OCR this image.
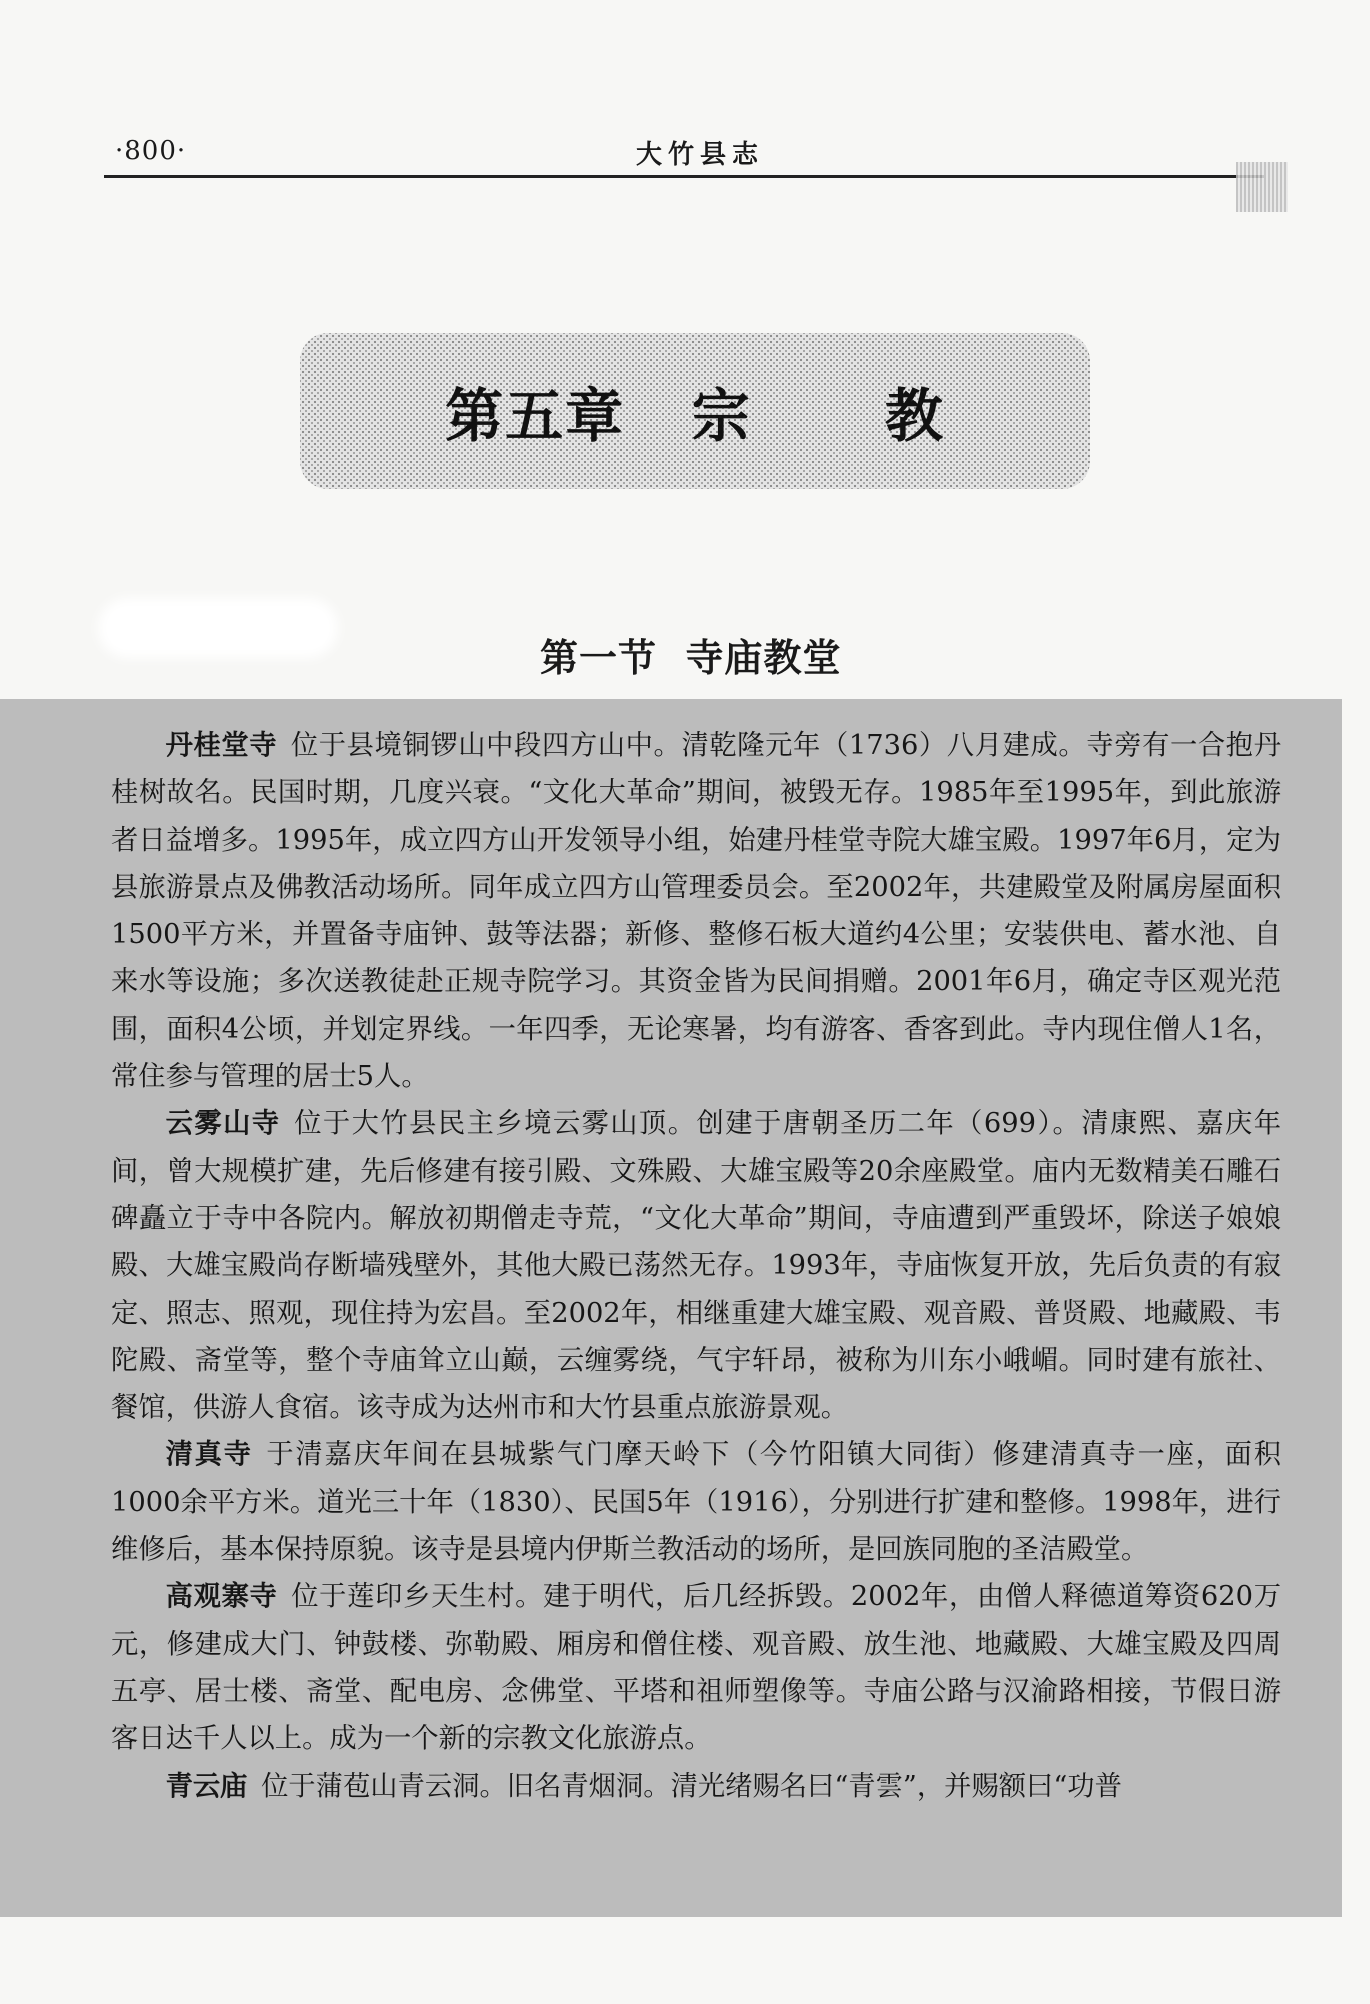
·800·	大竹县志
第五章   宗      教
第一节  寺庙教堂

丹桂堂寺 位于县境铜锣山中段四方山中。清乾隆元年（1736）八月建成。寺旁有一合抱丹桂树故名。民国时期，几度兴衰。“文化大革命”期间，被毁无存。1985年至1995年，到此旅游者日益增多。1995年，成立四方山开发领导小组，始建丹桂堂寺院大雄宝殿。1997年6月，定为县旅游景点及佛教活动场所。同年成立四方山管理委员会。至2002年，共建殿堂及附属房屋面积1500平方米，并置备寺庙钟、鼓等法器；新修、整修石板大道约4公里；安装供电、蓄水池、自来水等设施；多次送教徒赴正规寺院学习。其资金皆为民间捐赠。2001年6月，确定寺区观光范围，面积4公顷，并划定界线。一年四季，无论寒暑，均有游客、香客到此。寺内现住僧人1名，常住参与管理的居士5人。

云雾山寺 位于大竹县民主乡境云雾山顶。创建于唐朝圣历二年（699）。清康熙、嘉庆年间，曾大规模扩建，先后修建有接引殿、文殊殿、大雄宝殿等20余座殿堂。庙内无数精美石雕石碑矗立于寺中各院内。解放初期僧走寺荒，“文化大革命”期间，寺庙遭到严重毁坏，除送子娘娘殿、大雄宝殿尚存断墙残壁外，其他大殿已荡然无存。1993年，寺庙恢复开放，先后负责的有寂定、照志、照观，现住持为宏昌。至2002年，相继重建大雄宝殿、观音殿、普贤殿、地藏殿、韦陀殿、斋堂等，整个寺庙耸立山巅，云缠雾绕，气宇轩昂，被称为川东小峨嵋。同时建有旅社、餐馆，供游人食宿。该寺成为达州市和大竹县重点旅游景观。

清真寺 于清嘉庆年间在县城紫气门摩天岭下（今竹阳镇大同街）修建清真寺一座，面积1000余平方米。道光三十年（1830）、民国5年（1916），分别进行扩建和整修。1998年，进行维修后，基本保持原貌。该寺是县境内伊斯兰教活动的场所，是回族同胞的圣洁殿堂。

高观寨寺 位于莲印乡天生村。建于明代，后几经拆毁。2002年，由僧人释德道筹资620万元，修建成大门、钟鼓楼、弥勒殿、厢房和僧住楼、观音殿、放生池、地藏殿、大雄宝殿及四周五亭、居士楼、斋堂、配电房、念佛堂、平塔和祖师塑像等。寺庙公路与汉渝路相接，节假日游客日达千人以上。成为一个新的宗教文化旅游点。

青云庙 位于蒲苞山青云洞。旧名青烟洞。清光绪赐名曰“青雲”，并赐额曰“功普
